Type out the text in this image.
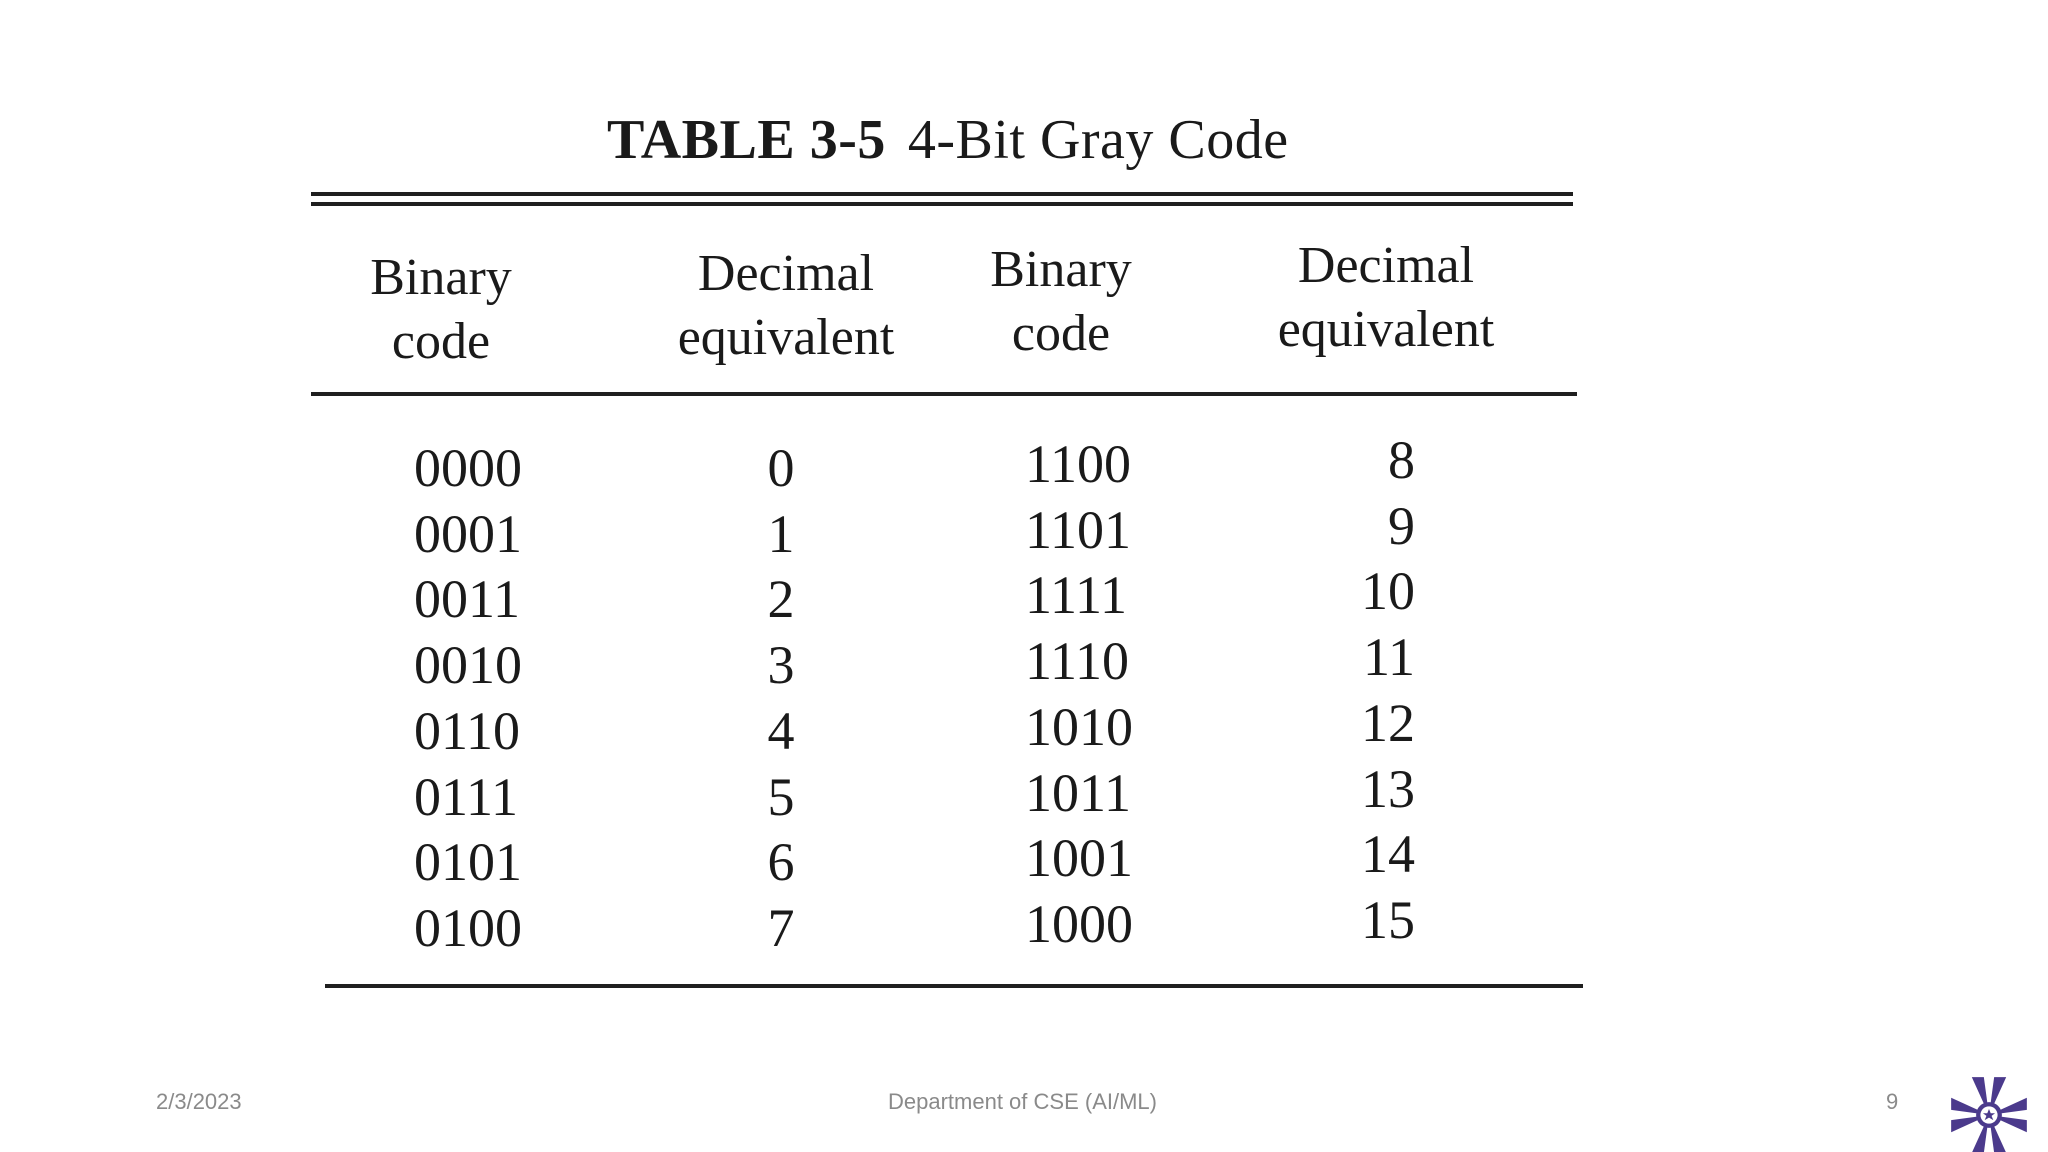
TABLE 3-5 4-Bit Gray Code
Binary
code
Decimal
equivalent
Binary
code
Decimal
equivalent
0000
0001
0011
0010
0110
0111
0101
0100
0
1
2
3
4
5
6
7
1100
1101
1111
1110
1010
1011
1001
1000
8
9
10
11
12
13
14
15
2/3/2023	Department of CSE (AI/ML)	9
